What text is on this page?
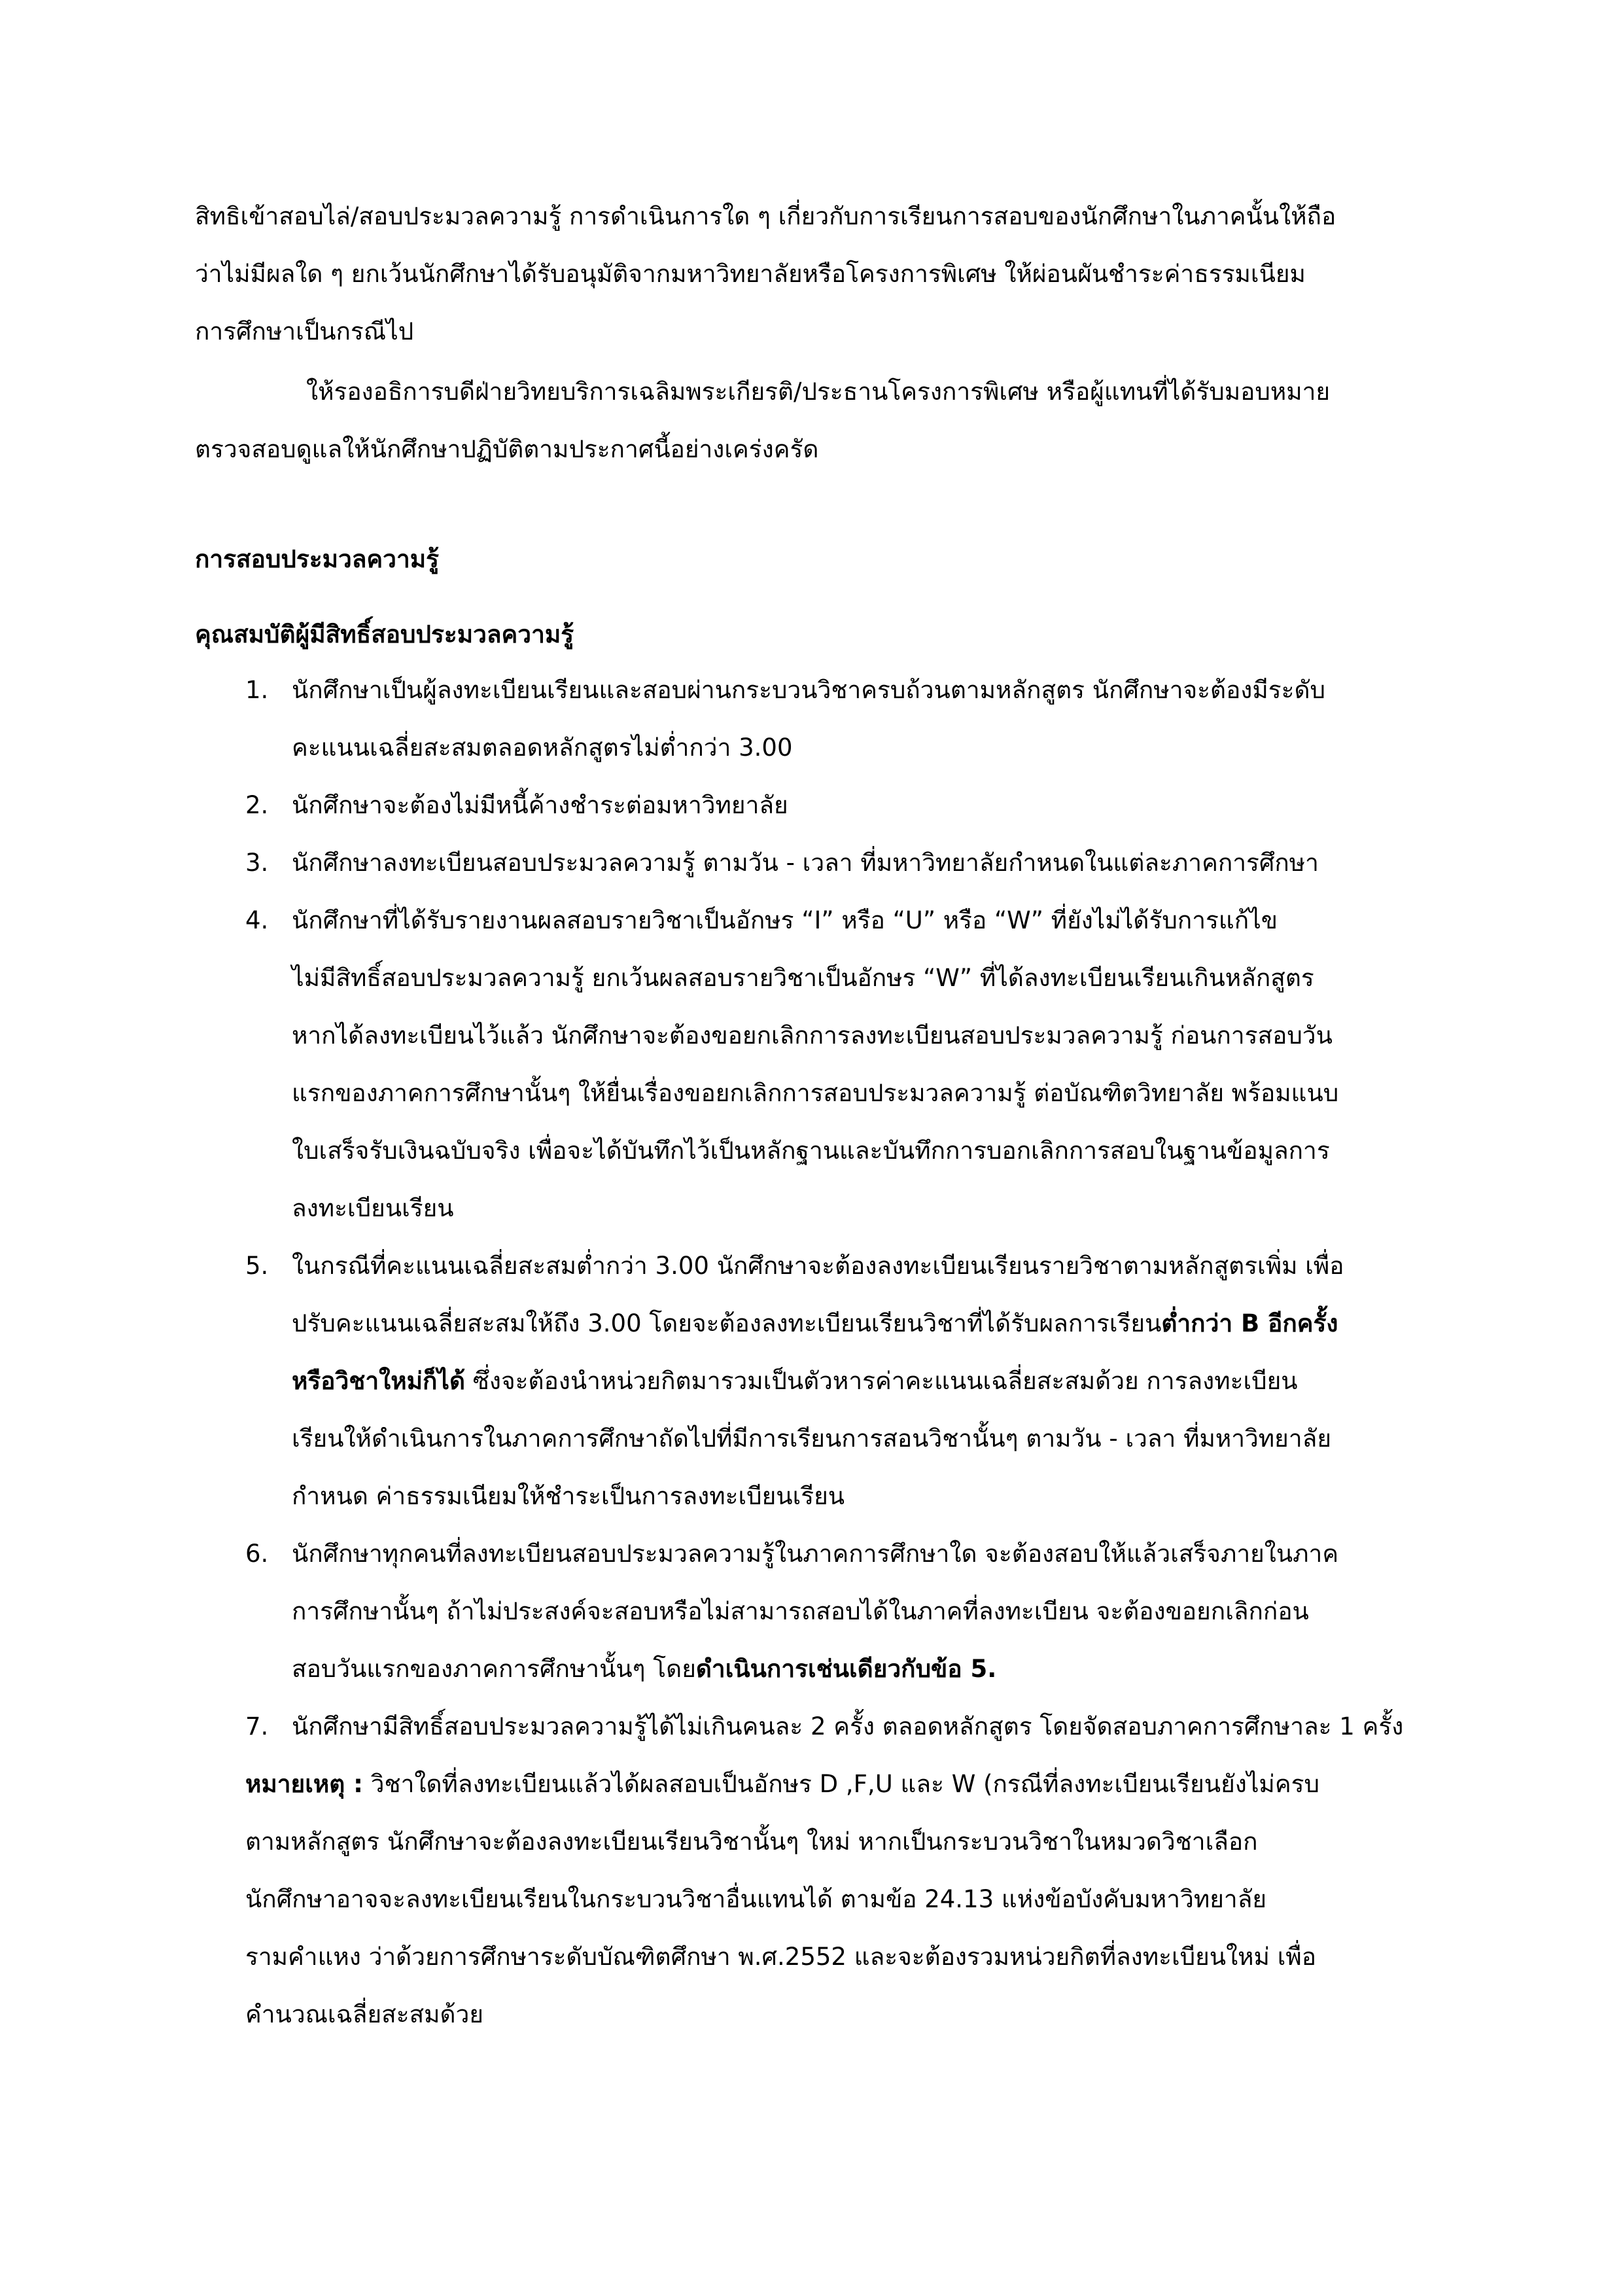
สิทธิเข้าสอบไล่/สอบประมวลความรู้ การดำเนินการใด ๆ เกี่ยวกับการเรียนการสอบของนักศึกษาในภาคนั้นให้ถือ
ว่าไม่มีผลใด ๆ ยกเว้นนักศึกษาได้รับอนุมัติจากมหาวิทยาลัยหรือโครงการพิเศษ ให้ผ่อนผันชำระค่าธรรมเนียม
การศึกษาเป็นกรณีไป
ให้รองอธิการบดีฝ่ายวิทยบริการเฉลิมพระเกียรติ/ประธานโครงการพิเศษ หรือผู้แทนที่ได้รับมอบหมาย
ตรวจสอบดูแลให้นักศึกษาปฏิบัติตามประกาศนี้อย่างเคร่งครัด
การสอบประมวลความรู้
คุณสมบัติผู้มีสิทธิ์สอบประมวลความรู้
1. นักศึกษาเป็นผู้ลงทะเบียนเรียนและสอบผ่านกระบวนวิชาครบถ้วนตามหลักสูตร นักศึกษาจะต้องมีระดับ
คะแนนเฉลี่ยสะสมตลอดหลักสูตรไม่ต่ำกว่า 3.00
2. นักศึกษาจะต้องไม่มีหนี้ค้างชำระต่อมหาวิทยาลัย
3. นักศึกษาลงทะเบียนสอบประมวลความรู้ ตามวัน - เวลา ที่มหาวิทยาลัยกำหนดในแต่ละภาคการศึกษา
4. นักศึกษาที่ได้รับรายงานผลสอบรายวิชาเป็นอักษร “I” หรือ “U” หรือ “W” ที่ยังไม่ได้รับการแก้ไข
ไม่มีสิทธิ์สอบประมวลความรู้ ยกเว้นผลสอบรายวิชาเป็นอักษร “W” ที่ได้ลงทะเบียนเรียนเกินหลักสูตร
หากได้ลงทะเบียนไว้แล้ว นักศึกษาจะต้องขอยกเลิกการลงทะเบียนสอบประมวลความรู้ ก่อนการสอบวัน
แรกของภาคการศึกษานั้นๆ ให้ยื่นเรื่องขอยกเลิกการสอบประมวลความรู้ ต่อบัณฑิตวิทยาลัย พร้อมแนบ
ใบเสร็จรับเงินฉบับจริง เพื่อจะได้บันทึกไว้เป็นหลักฐานและบันทึกการบอกเลิกการสอบในฐานข้อมูลการ
ลงทะเบียนเรียน
5. ในกรณีที่คะแนนเฉลี่ยสะสมต่ำกว่า 3.00 นักศึกษาจะต้องลงทะเบียนเรียนรายวิชาตามหลักสูตรเพิ่ม เพื่อ
ปรับคะแนนเฉลี่ยสะสมให้ถึง 3.00 โดยจะต้องลงทะเบียนเรียนวิชาที่ได้รับผลการเรียนต่ำกว่า B อีกครั้ง
หรือวิชาใหม่ก็ได้ ซึ่งจะต้องนำหน่วยกิตมารวมเป็นตัวหารค่าคะแนนเฉลี่ยสะสมด้วย การลงทะเบียน
เรียนให้ดำเนินการในภาคการศึกษาถัดไปที่มีการเรียนการสอนวิชานั้นๆ ตามวัน - เวลา ที่มหาวิทยาลัย
กำหนด ค่าธรรมเนียมให้ชำระเป็นการลงทะเบียนเรียน
6. นักศึกษาทุกคนที่ลงทะเบียนสอบประมวลความรู้ในภาคการศึกษาใด จะต้องสอบให้แล้วเสร็จภายในภาค
การศึกษานั้นๆ ถ้าไม่ประสงค์จะสอบหรือไม่สามารถสอบได้ในภาคที่ลงทะเบียน จะต้องขอยกเลิกก่อน
สอบวันแรกของภาคการศึกษานั้นๆ โดยดำเนินการเช่นเดียวกับข้อ 5.
7. นักศึกษามีสิทธิ์สอบประมวลความรู้ได้ไม่เกินคนละ 2 ครั้ง ตลอดหลักสูตร โดยจัดสอบภาคการศึกษาละ 1 ครั้ง
หมายเหตุ : วิชาใดที่ลงทะเบียนแล้วได้ผลสอบเป็นอักษร D ,F,U และ W (กรณีที่ลงทะเบียนเรียนยังไม่ครบ
ตามหลักสูตร นักศึกษาจะต้องลงทะเบียนเรียนวิชานั้นๆ ใหม่ หากเป็นกระบวนวิชาในหมวดวิชาเลือก
นักศึกษาอาจจะลงทะเบียนเรียนในกระบวนวิชาอื่นแทนได้ ตามข้อ 24.13 แห่งข้อบังคับมหาวิทยาลัย
รามคำแหง ว่าด้วยการศึกษาระดับบัณฑิตศึกษา พ.ศ.2552 และจะต้องรวมหน่วยกิตที่ลงทะเบียนใหม่ เพื่อ
คำนวณเฉลี่ยสะสมด้วย
